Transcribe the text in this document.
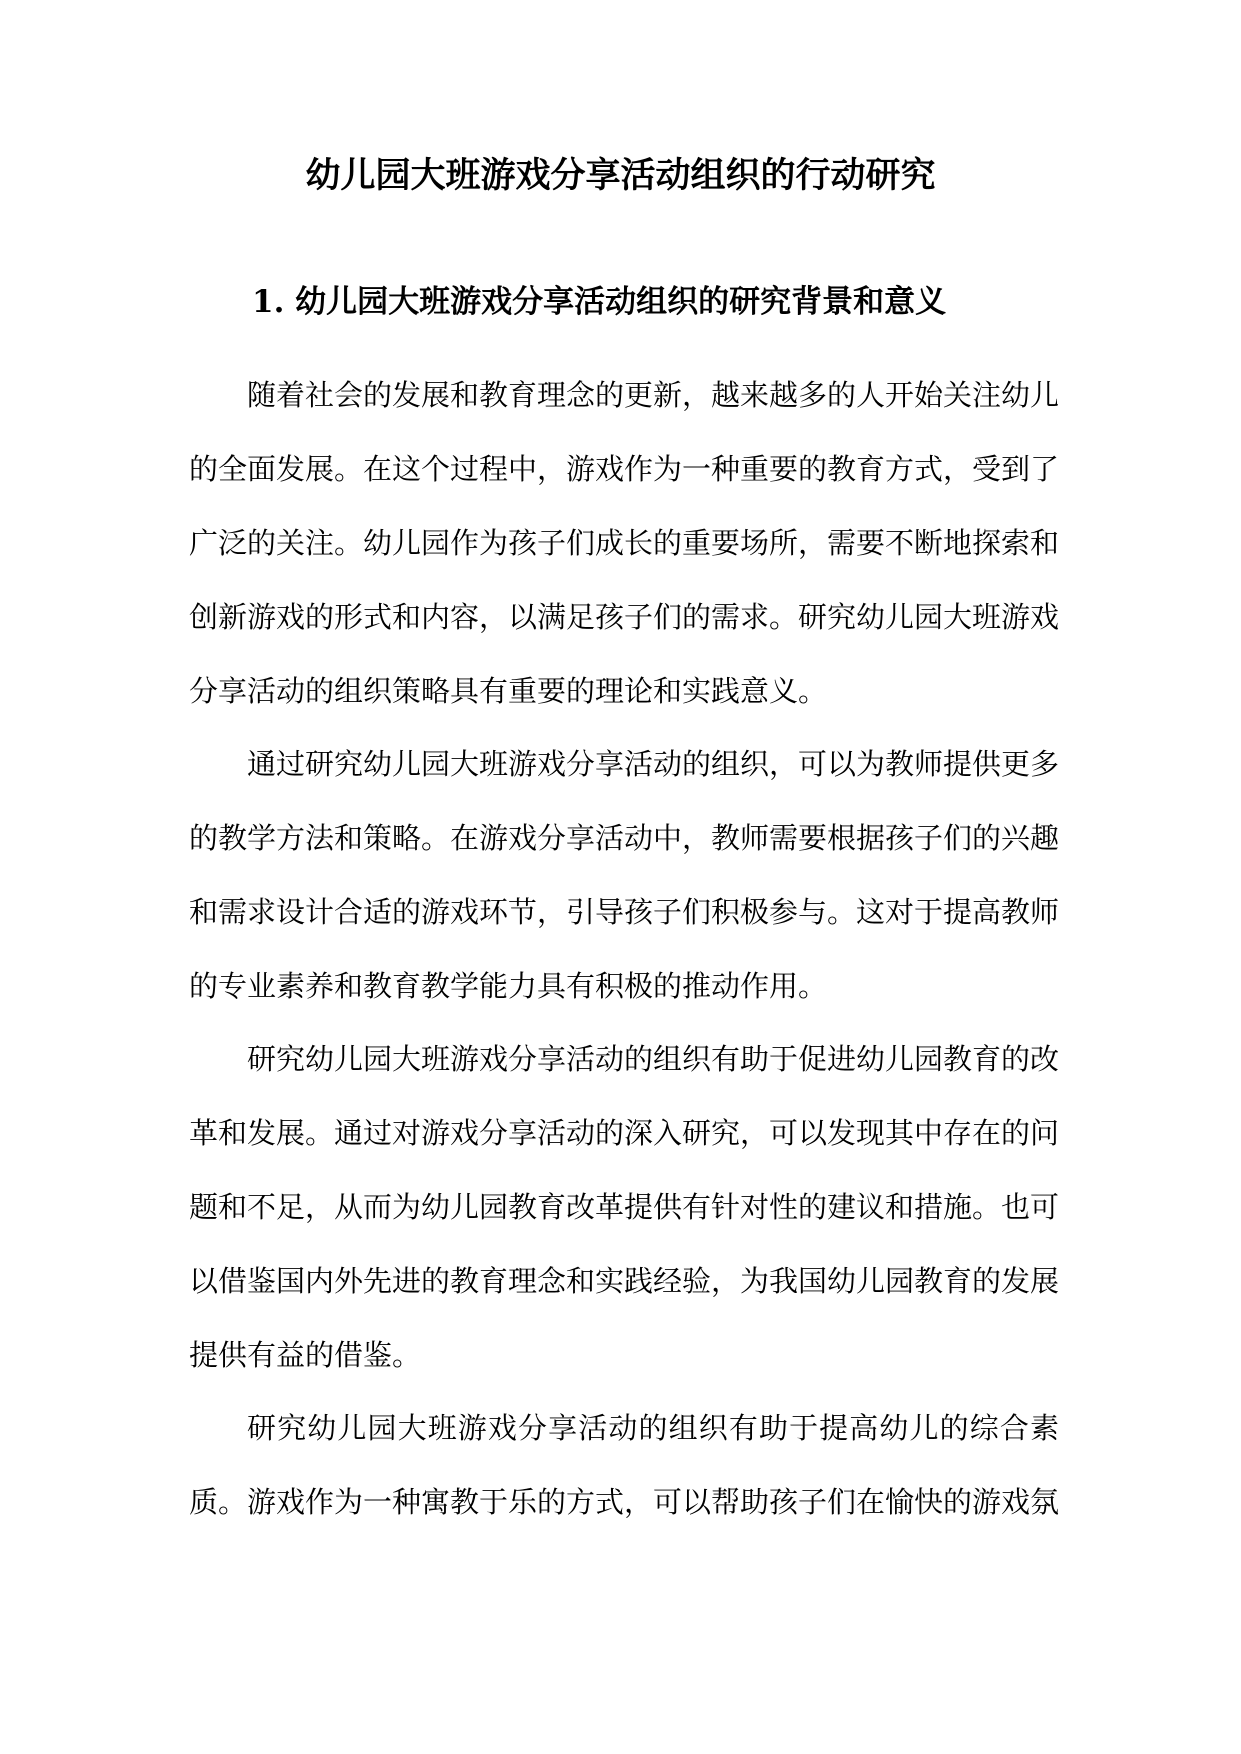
幼儿园大班游戏分享活动组织的行动研究
1. 幼儿园大班游戏分享活动组织的研究背景和意义

随着社会的发展和教育理念的更新，越来越多的人开始关注幼儿的全面发展。在这个过程中，游戏作为一种重要的教育方式，受到了广泛的关注。幼儿园作为孩子们成长的重要场所，需要不断地探索和创新游戏的形式和内容，以满足孩子们的需求。研究幼儿园大班游戏分享活动的组织策略具有重要的理论和实践意义。

通过研究幼儿园大班游戏分享活动的组织，可以为教师提供更多的教学方法和策略。在游戏分享活动中，教师需要根据孩子们的兴趣和需求设计合适的游戏环节，引导孩子们积极参与。这对于提高教师的专业素养和教育教学能力具有积极的推动作用。

研究幼儿园大班游戏分享活动的组织有助于促进幼儿园教育的改革和发展。通过对游戏分享活动的深入研究，可以发现其中存在的问题和不足，从而为幼儿园教育改革提供有针对性的建议和措施。也可以借鉴国内外先进的教育理念和实践经验，为我国幼儿园教育的发展提供有益的借鉴。

研究幼儿园大班游戏分享活动的组织有助于提高幼儿的综合素质。游戏作为一种寓教于乐的方式，可以帮助孩子们在愉快的游戏氛
